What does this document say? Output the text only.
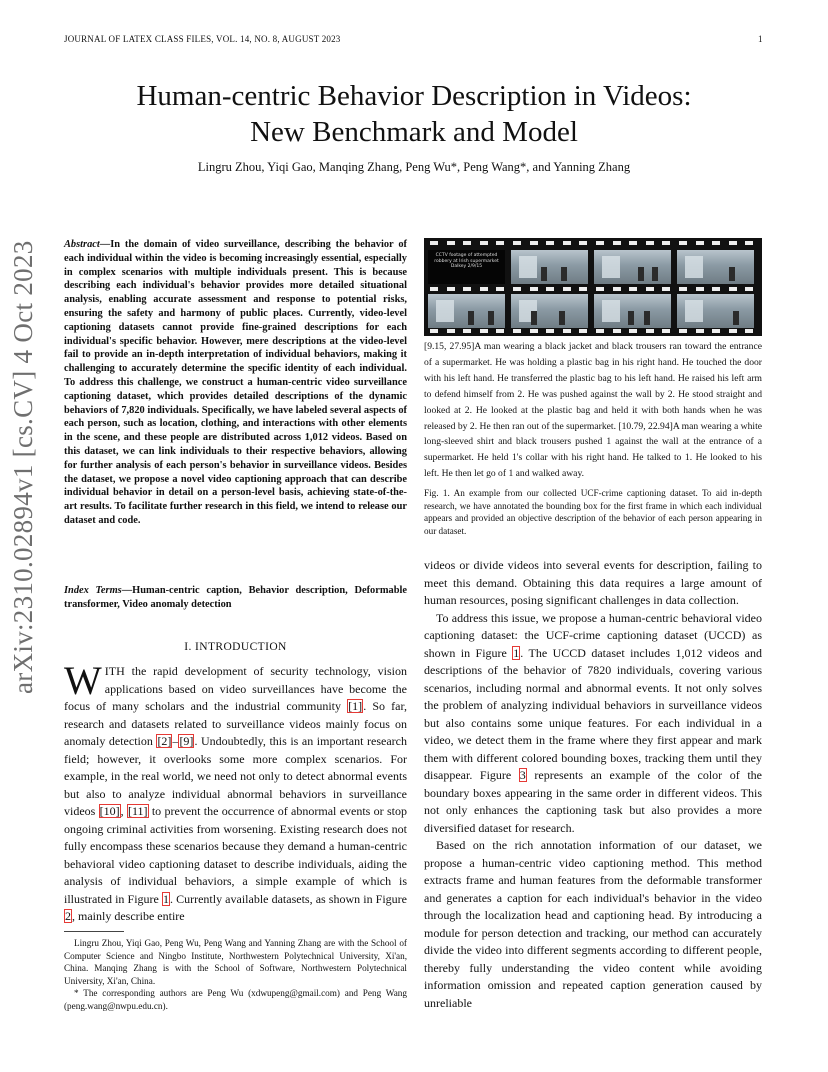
JOURNAL OF LATEX CLASS FILES, VOL. 14, NO. 8, AUGUST 2023	1
arXiv:2310.02894v1 [cs.CV] 4 Oct 2023
Human-centric Behavior Description in Videos:
New Benchmark and Model
Lingru Zhou, Yiqi Gao, Manqing Zhang, Peng Wu*, Peng Wang*, and Yanning Zhang
Abstract—In the domain of video surveillance, describing the behavior of each individual within the video is becoming increasingly essential, especially in complex scenarios with multiple individuals present. This is because describing each individual's behavior provides more detailed situational analysis, enabling accurate assessment and response to potential risks, ensuring the safety and harmony of public places. Currently, video-level captioning datasets cannot provide fine-grained descriptions for each individual's specific behavior. However, mere descriptions at the video-level fail to provide an in-depth interpretation of individual behaviors, making it challenging to accurately determine the specific identity of each individual. To address this challenge, we construct a human-centric video surveillance captioning dataset, which provides detailed descriptions of the dynamic behaviors of 7,820 individuals. Specifically, we have labeled several aspects of each person, such as location, clothing, and interactions with other elements in the scene, and these people are distributed across 1,012 videos. Based on this dataset, we can link individuals to their respective behaviors, allowing for further analysis of each person's behavior in surveillance videos. Besides the dataset, we propose a novel video captioning approach that can describe individual behavior in detail on a person-level basis, achieving state-of-the-art results. To facilitate further research in this field, we intend to release our dataset and code.
Index Terms—Human-centric caption, Behavior description, Deformable transformer, Video anomaly detection
I. INTRODUCTION
WITH the rapid development of security technology, vision applications based on video surveillances have become the focus of many scholars and the industrial community [1]. So far, research and datasets related to surveillance videos mainly focus on anomaly detection [2]–[9]. Undoubtedly, this is an important research field; however, it overlooks some more complex scenarios. For example, in the real world, we need not only to detect abnormal events but also to analyze individual abnormal behaviors in surveillance videos [10], [11] to prevent the occurrence of abnormal events or stop ongoing criminal activities from worsening. Existing research does not fully encompass these scenarios because they demand a human-centric behavioral video captioning dataset to describe individuals, aiding the analysis of individual behaviors, a simple example of which is illustrated in Figure 1. Currently available datasets, as shown in Figure 2, mainly describe entire

Lingru Zhou, Yiqi Gao, Peng Wu, Peng Wang and Yanning Zhang are with the School of Computer Science and Ningbo Institute, Northwestern Polytechnical University, Xi'an, China. Manqing Zhang is with the School of Software, Northwestern Polytechnical University, Xi'an, China.

* The corresponding authors are Peng Wu (xdwupeng@gmail.com) and Peng Wang (peng.wang@nwpu.edu.cn).

CCTV footage of attempted robbery at Irish supermarket Dalkey 2/9/15
[9.15, 27.95]A man wearing a black jacket and black trousers ran toward the entrance of a supermarket. He was holding a plastic bag in his right hand. He touched the door with his left hand. He transferred the plastic bag to his left hand. He raised his left arm to defend himself from 2. He was pushed against the wall by 2. He stood straight and looked at 2. He looked at the plastic bag and held it with both hands when he was released by 2. He then ran out of the supermarket. [10.79, 22.94]A man wearing a white long-sleeved shirt and black trousers pushed 1 against the wall at the entrance of a supermarket. He held 1's collar with his right hand. He talked to 1. He looked to his left. He then let go of 1 and walked away.
Fig. 1. An example from our collected UCF-crime captioning dataset. To aid in-depth research, we have annotated the bounding box for the first frame in which each individual appears and provided an objective description of the behavior of each person appearing in our dataset.

videos or divide videos into several events for description, failing to meet this demand. Obtaining this data requires a large amount of human resources, posing significant challenges in data collection.

To address this issue, we propose a human-centric behavioral video captioning dataset: the UCF-crime captioning dataset (UCCD) as shown in Figure 1. The UCCD dataset includes 1,012 videos and descriptions of the behavior of 7820 individuals, covering various scenarios, including normal and abnormal events. It not only solves the problem of analyzing individual behaviors in surveillance videos but also contains some unique features. For each individual in a video, we detect them in the frame where they first appear and mark them with different colored bounding boxes, tracking them until they disappear. Figure 3 represents an example of the color of the boundary boxes appearing in the same order in different videos. This not only enhances the captioning task but also provides a more diversified dataset for research.

Based on the rich annotation information of our dataset, we propose a human-centric video captioning method. This method extracts frame and human features from the deformable transformer and generates a caption for each individual's behavior in the video through the localization head and captioning head. By introducing a module for person detection and tracking, our method can accurately divide the video into different segments according to different people, thereby fully understanding the video content while avoiding information omission and repeated caption generation caused by unreliable
